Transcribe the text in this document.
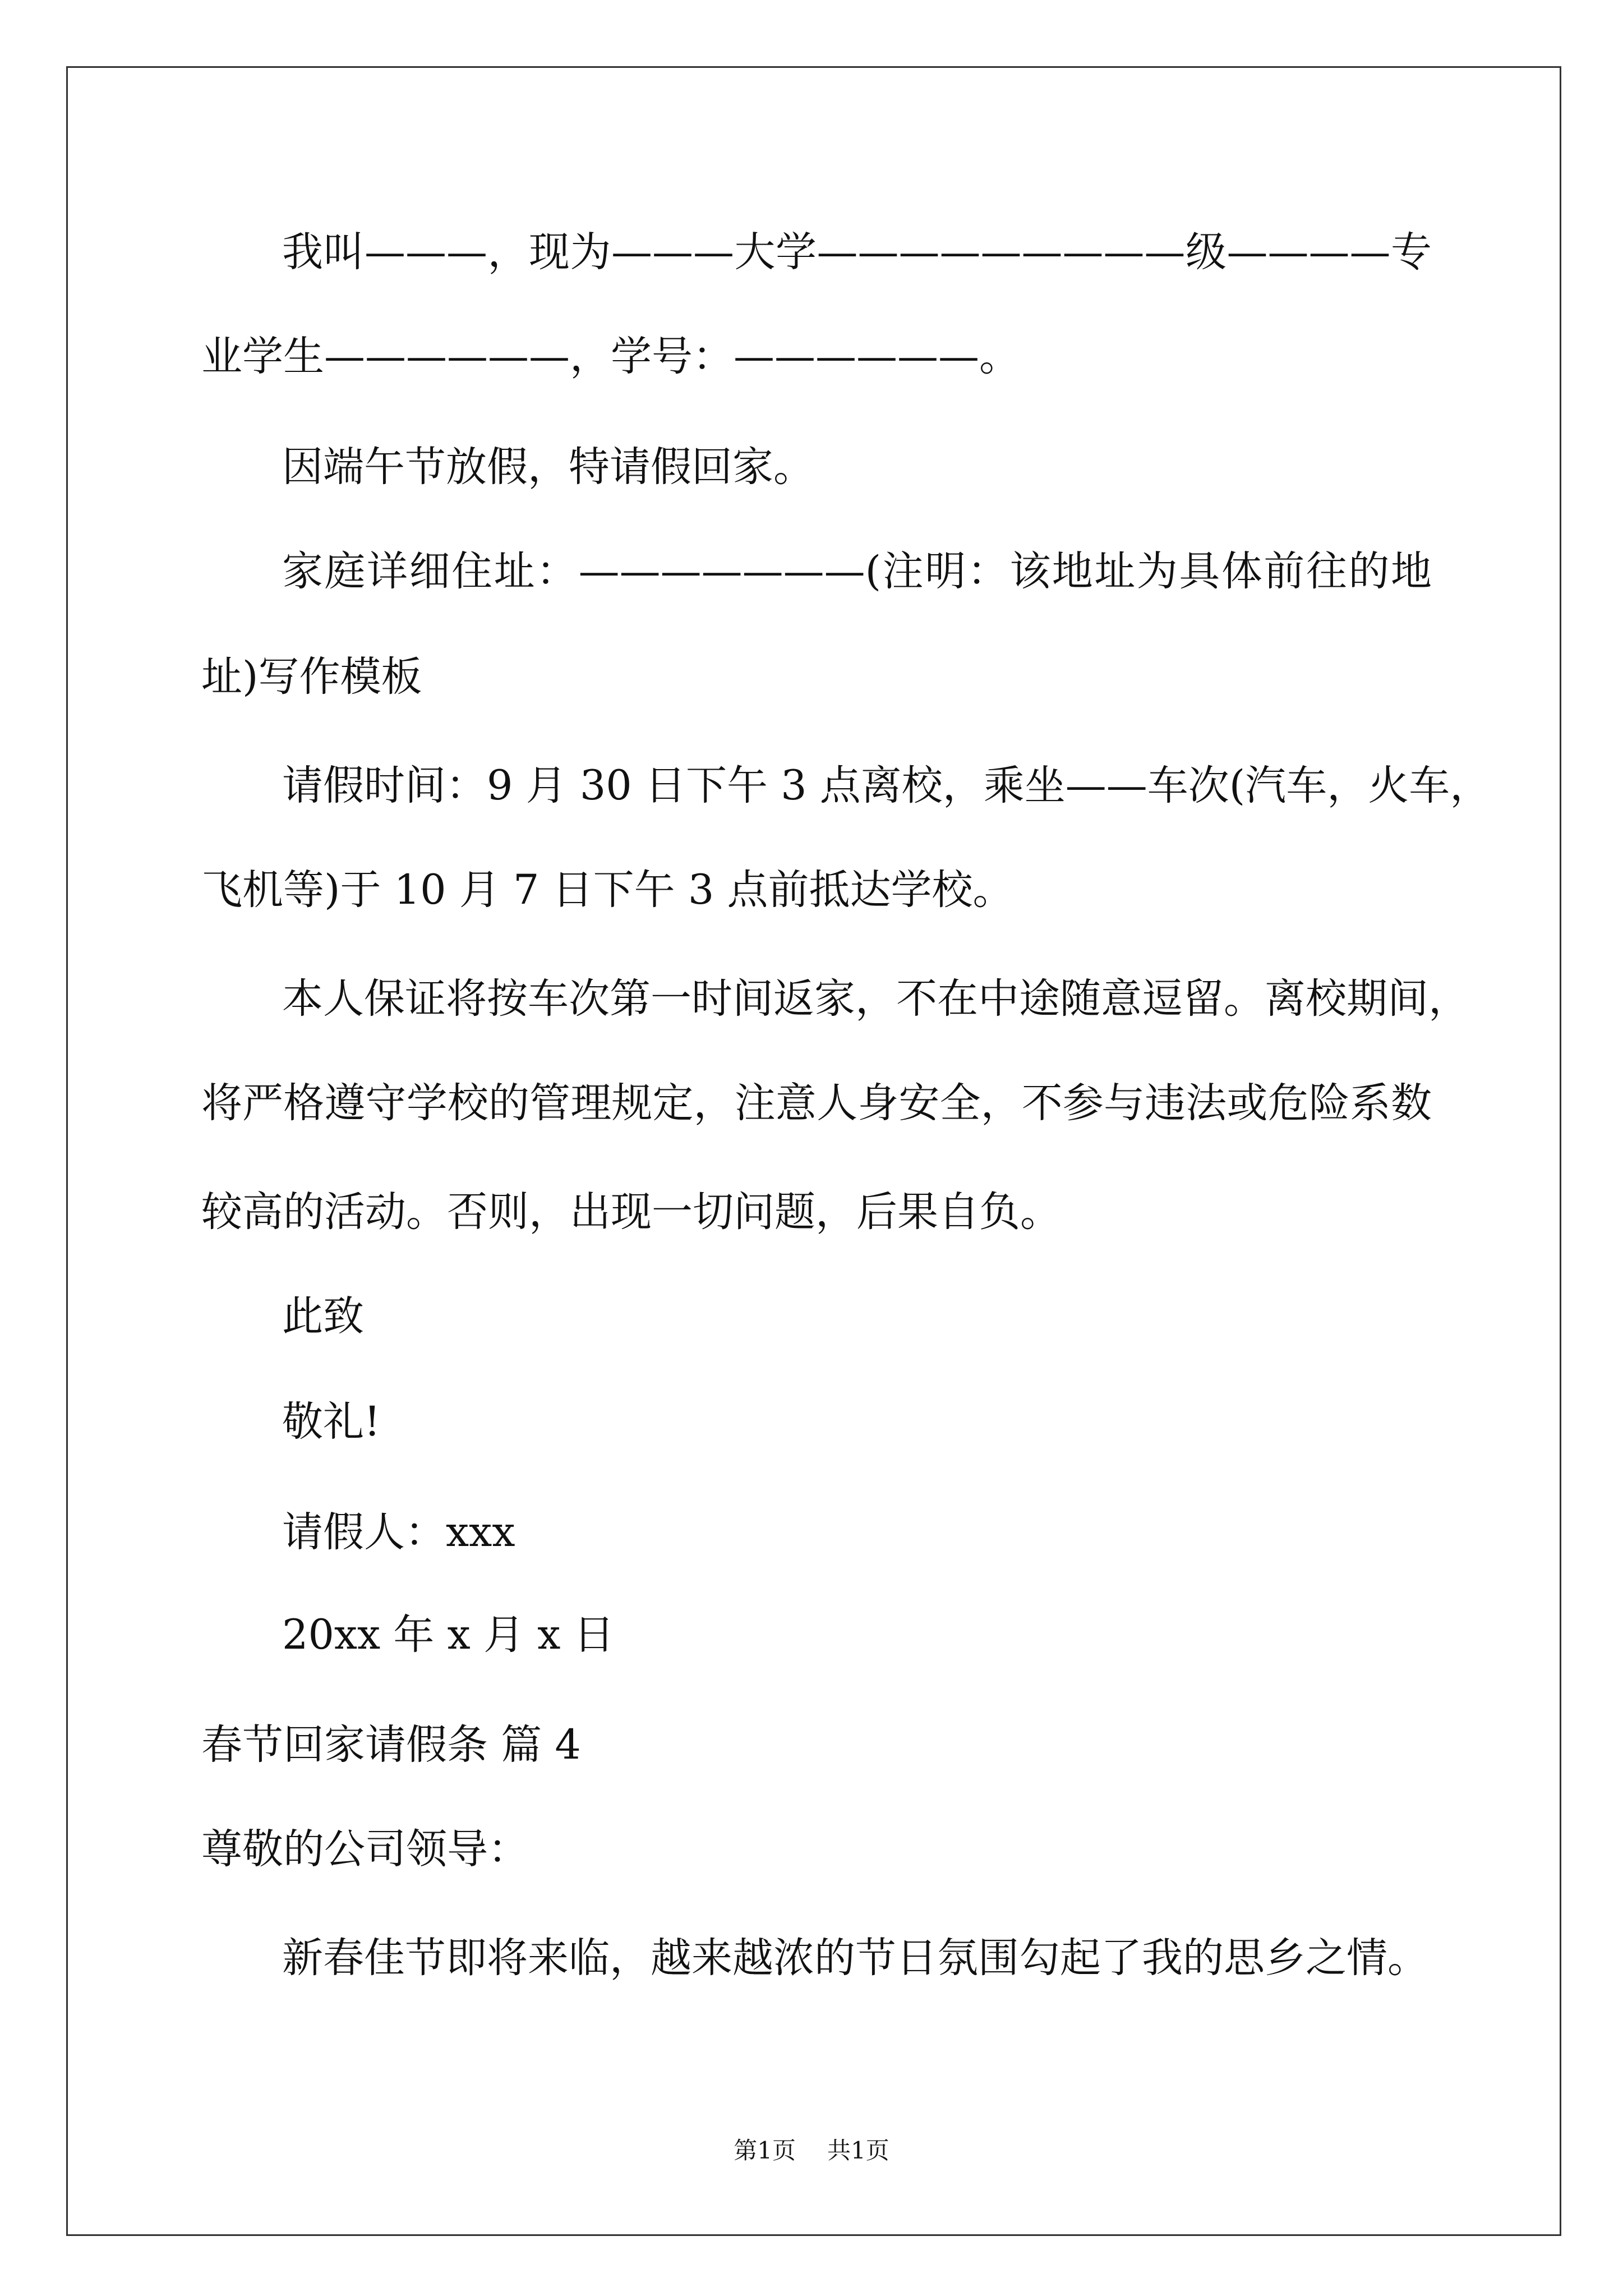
我叫———，现为———大学—————————级————专
业学生——————，学号：——————。
因端午节放假，特请假回家。
家庭详细住址：———————(注明：该地址为具体前往的地
址)写作模板
请假时间：9 月 30 日下午 3 点离校，乘坐——车次(汽车，火车，
飞机等)于 10 月 7 日下午 3 点前抵达学校。
本人保证将按车次第一时间返家，不在中途随意逗留。离校期间，
将严格遵守学校的管理规定，注意人身安全，不参与违法或危险系数
较高的活动。否则，出现一切问题，后果自负。
此致
敬礼!
请假人：xxx
20xx 年 x 月 x 日
春节回家请假条 篇 4
尊敬的公司领导：
新春佳节即将来临，越来越浓的节日氛围勾起了我的思乡之情。
第1页 共1页
